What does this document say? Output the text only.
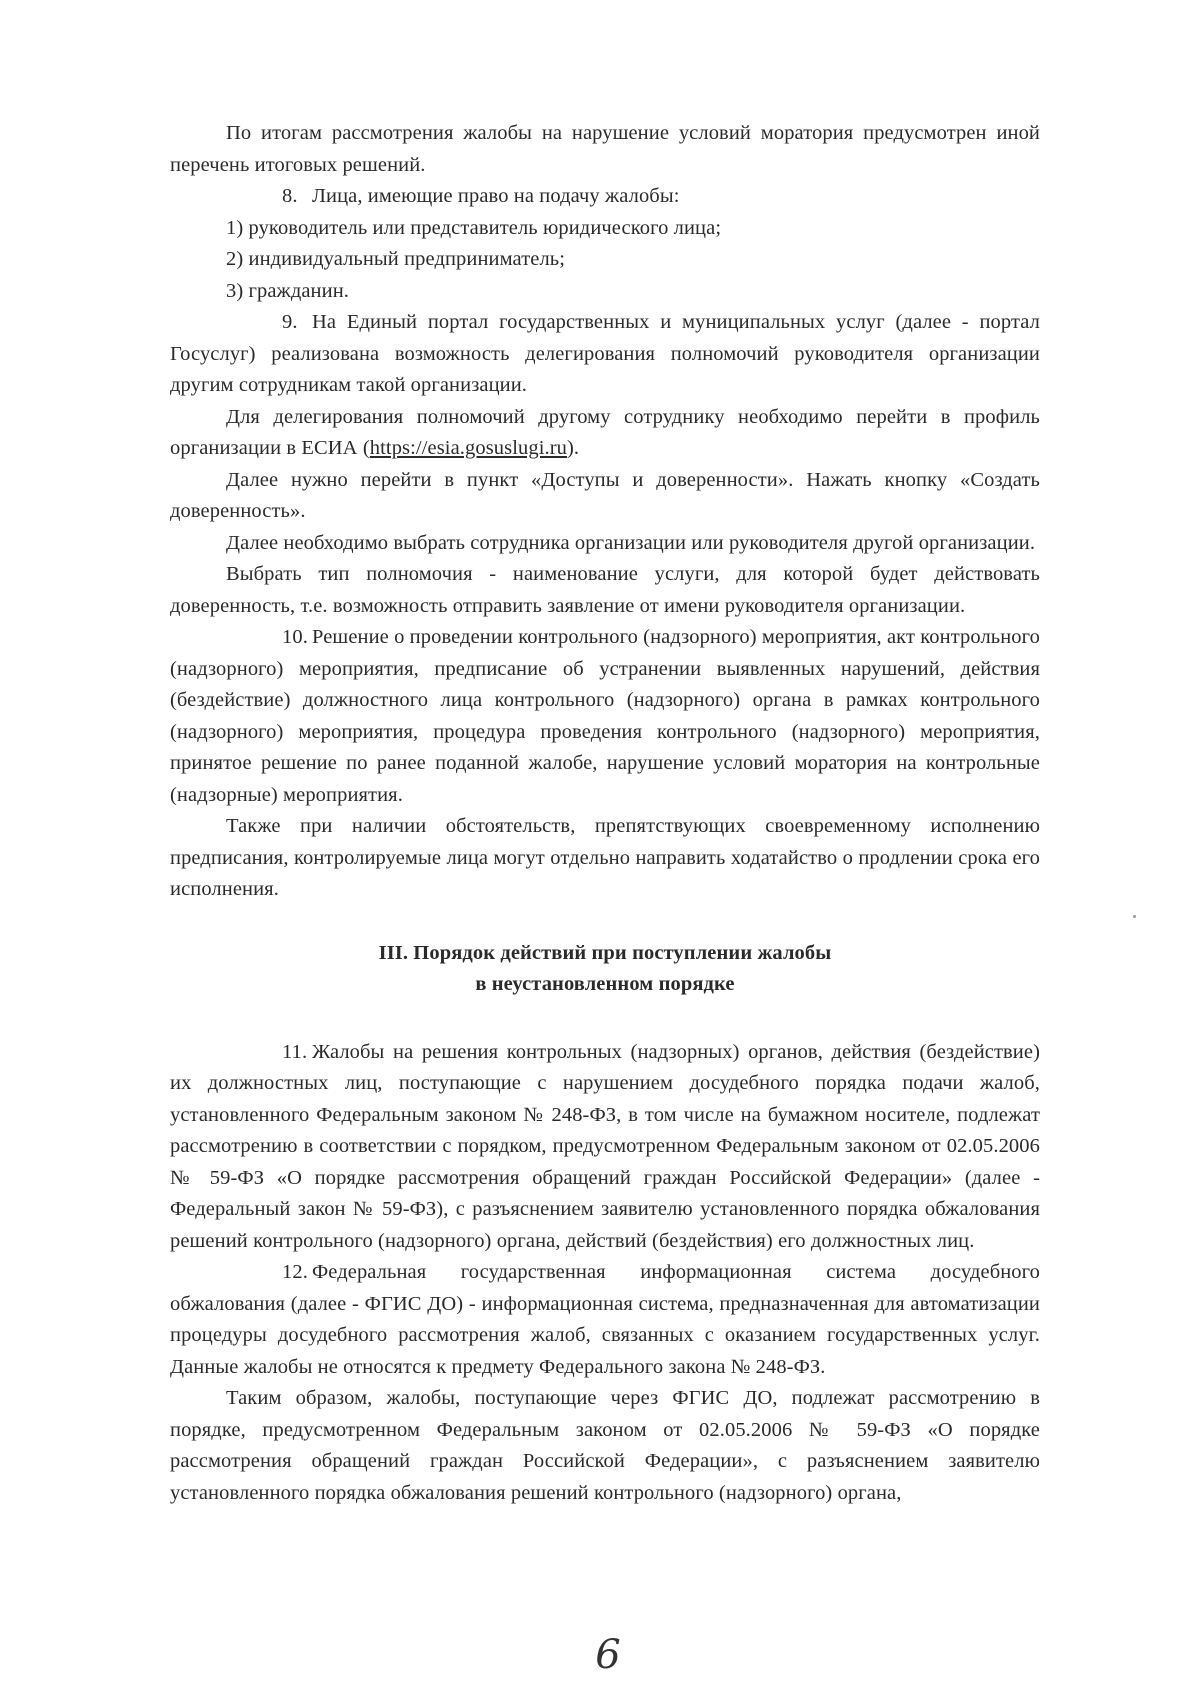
По итогам рассмотрения жалобы на нарушение условий моратория предусмотрен иной перечень итоговых решений.

8. Лица, имеющие право на подачу жалобы:

1) руководитель или представитель юридического лица;

2) индивидуальный предприниматель;

3) гражданин.

9. На Единый портал государственных и муниципальных услуг (далее - портал Госуслуг) реализована возможность делегирования полномочий руководителя организации другим сотрудникам такой организации.

Для делегирования полномочий другому сотруднику необходимо перейти в профиль организации в ЕСИА (https://esia.gosuslugi.ru).

Далее нужно перейти в пункт «Доступы и доверенности». Нажать кнопку «Создать доверенность».

Далее необходимо выбрать сотрудника организации или руководителя другой организации.

Выбрать тип полномочия - наименование услуги, для которой будет действовать доверенность, т.е. возможность отправить заявление от имени руководителя организации.

10. Решение о проведении контрольного (надзорного) мероприятия, акт контрольного (надзорного) мероприятия, предписание об устранении выявленных нарушений, действия (бездействие) должностного лица контрольного (надзорного) органа в рамках контрольного (надзорного) мероприятия, процедура проведения контрольного (надзорного) мероприятия, принятое решение по ранее поданной жалобе, нарушение условий моратория на контрольные (надзорные) мероприятия.

Также при наличии обстоятельств, препятствующих своевременному исполнению предписания, контролируемые лица могут отдельно направить ходатайство о продлении срока его исполнения.

III. Порядок действий при поступлении жалобы
в неустановленном порядке

11. Жалобы на решения контрольных (надзорных) органов, действия (бездействие) их должностных лиц, поступающие с нарушением досудебного порядка подачи жалоб, установленного Федеральным законом № 248-ФЗ, в том числе на бумажном носителе, подлежат рассмотрению в соответствии с порядком, предусмотренном Федеральным законом от 02.05.2006 № 59-ФЗ «О порядке рассмотрения обращений граждан Российской Федерации» (далее - Федеральный закон № 59-ФЗ), с разъяснением заявителю установленного порядка обжалования решений контрольного (надзорного) органа, действий (бездействия) его должностных лиц.

12. Федеральная государственная информационная система досудебного обжалования (далее - ФГИС ДО) - информационная система, предназначенная для автоматизации процедуры досудебного рассмотрения жалоб, связанных с оказанием государственных услуг. Данные жалобы не относятся к предмету Федерального закона № 248-ФЗ.

Таким образом, жалобы, поступающие через ФГИС ДО, подлежат рассмотрению в порядке, предусмотренном Федеральным законом от 02.05.2006 № 59-ФЗ «О порядке рассмотрения обращений граждан Российской Федерации», с разъяснением заявителю установленного порядка обжалования решений контрольного (надзорного) органа,

6
